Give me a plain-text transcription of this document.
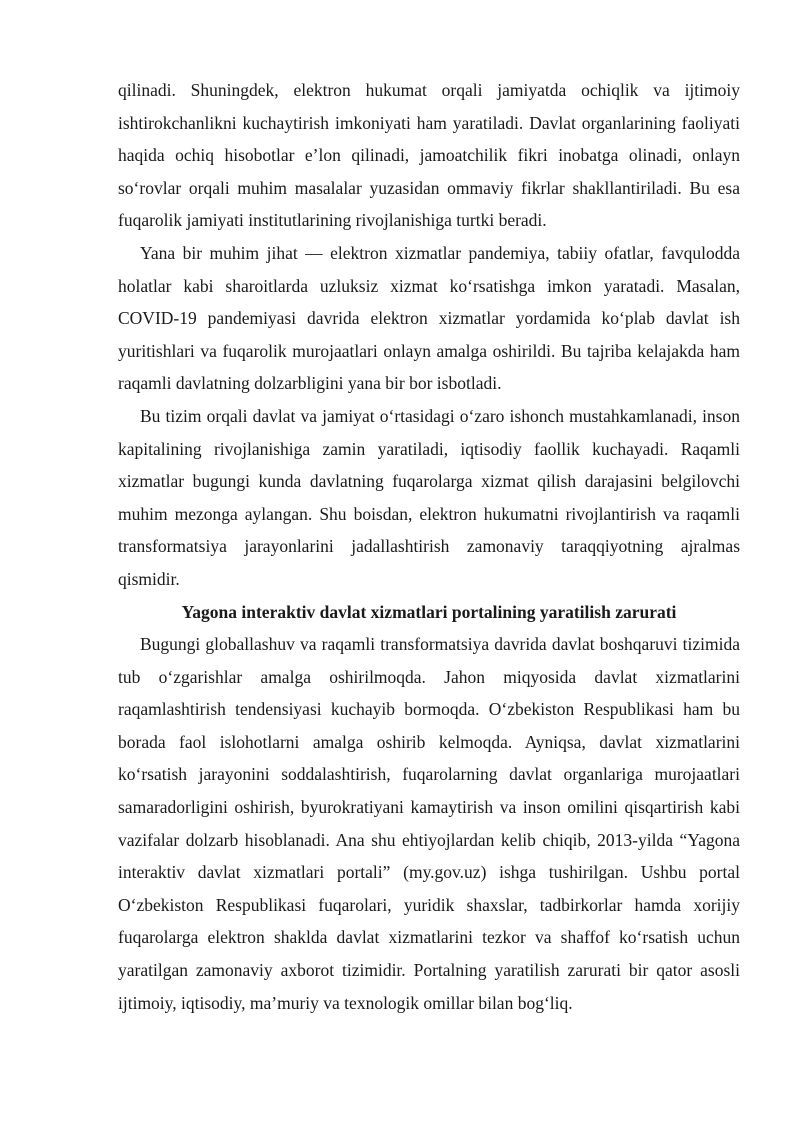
qilinadi. Shuningdek, elektron hukumat orqali jamiyatda ochiqlik va ijtimoiy ishtirokchanlikni kuchaytirish imkoniyati ham yaratiladi. Davlat organlarining faoliyati haqida ochiq hisobotlar e’lon qilinadi, jamoatchilik fikri inobatga olinadi, onlayn so‘rovlar orqali muhim masalalar yuzasidan ommaviy fikrlar shakllantiriladi. Bu esa fuqarolik jamiyati institutlarining rivojlanishiga turtki beradi.

Yana bir muhim jihat — elektron xizmatlar pandemiya, tabiiy ofatlar, favqulodda holatlar kabi sharoitlarda uzluksiz xizmat ko‘rsatishga imkon yaratadi. Masalan, COVID-19 pandemiyasi davrida elektron xizmatlar yordamida ko‘plab davlat ish yuritishlari va fuqarolik murojaatlari onlayn amalga oshirildi. Bu tajriba kelajakda ham raqamli davlatning dolzarbligini yana bir bor isbotladi.

Bu tizim orqali davlat va jamiyat o‘rtasidagi o‘zaro ishonch mustahkamlanadi, inson kapitalining rivojlanishiga zamin yaratiladi, iqtisodiy faollik kuchayadi. Raqamli xizmatlar bugungi kunda davlatning fuqarolarga xizmat qilish darajasini belgilovchi muhim mezonga aylangan. Shu boisdan, elektron hukumatni rivojlantirish va raqamli transformatsiya jarayonlarini jadallashtirish zamonaviy taraqqiyotning ajralmas qismidir.

Yagona interaktiv davlat xizmatlari portalining yaratilish zarurati

Bugungi globallashuv va raqamli transformatsiya davrida davlat boshqaruvi tizimida tub o‘zgarishlar amalga oshirilmoqda. Jahon miqyosida davlat xizmatlarini raqamlashtirish tendensiyasi kuchayib bormoqda. O‘zbekiston Respublikasi ham bu borada faol islohotlarni amalga oshirib kelmoqda. Ayniqsa, davlat xizmatlarini ko‘rsatish jarayonini soddalashtirish, fuqarolarning davlat organlariga murojaatlari samaradorligini oshirish, byurokratiyani kamaytirish va inson omilini qisqartirish kabi vazifalar dolzarb hisoblanadi. Ana shu ehtiyojlardan kelib chiqib, 2013-yilda “Yagona interaktiv davlat xizmatlari portali” (my.gov.uz) ishga tushirilgan. Ushbu portal O‘zbekiston Respublikasi fuqarolari, yuridik shaxslar, tadbirkorlar hamda xorijiy fuqarolarga elektron shaklda davlat xizmatlarini tezkor va shaffof ko‘rsatish uchun yaratilgan zamonaviy axborot tizimidir. Portalning yaratilish zarurati bir qator asosli ijtimoiy, iqtisodiy, ma’muriy va texnologik omillar bilan bog‘liq.
